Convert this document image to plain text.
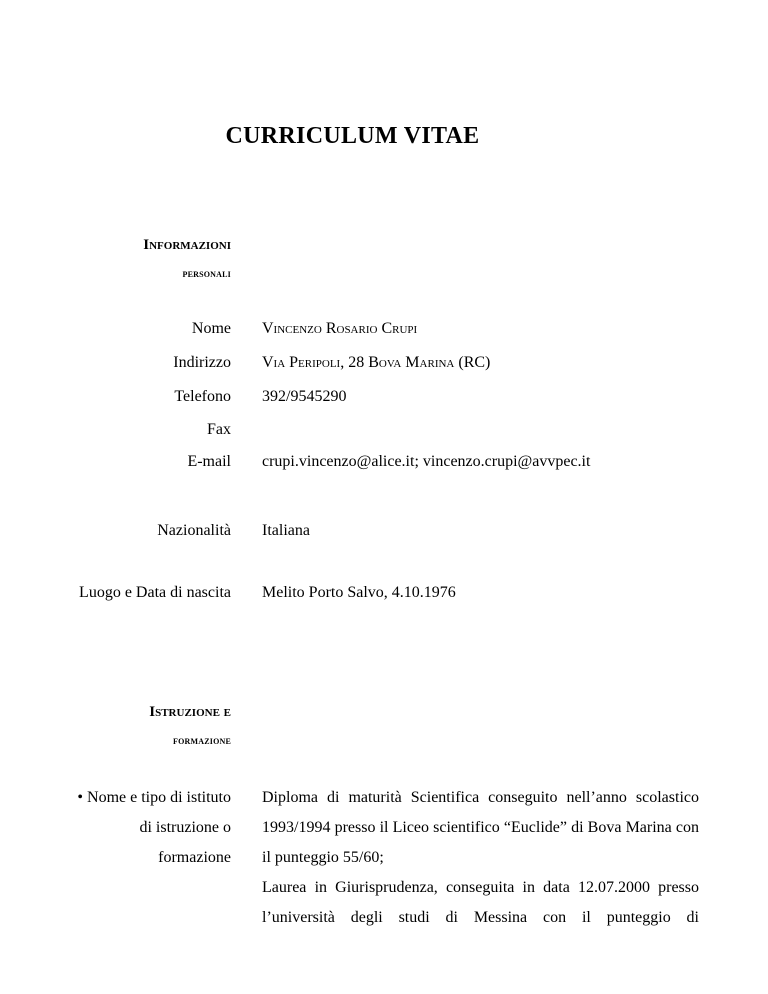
CURRICULUM VITAE
Informazioni
personali
Nome Vincenzo Rosario Crupi
Indirizzo Via Peripoli, 28 Bova Marina (RC)
Telefono 392/9545290
Fax
E-mail crupi.vincenzo@alice.it; vincenzo.crupi@avvpec.it
Nazionalità Italiana
Luogo e Data di nascita Melito Porto Salvo, 4.10.1976
Istruzione e
formazione
• Nome e tipo di istituto
di istruzione o
formazione

Diploma di maturità Scientifica conseguito nell’anno scolastico 1993/1994 presso il Liceo scientifico “Euclide” di Bova Marina con il punteggio 55/60;

Laurea in Giurisprudenza, conseguita in data 12.07.2000 presso l’università degli studi di Messina con il punteggio di
